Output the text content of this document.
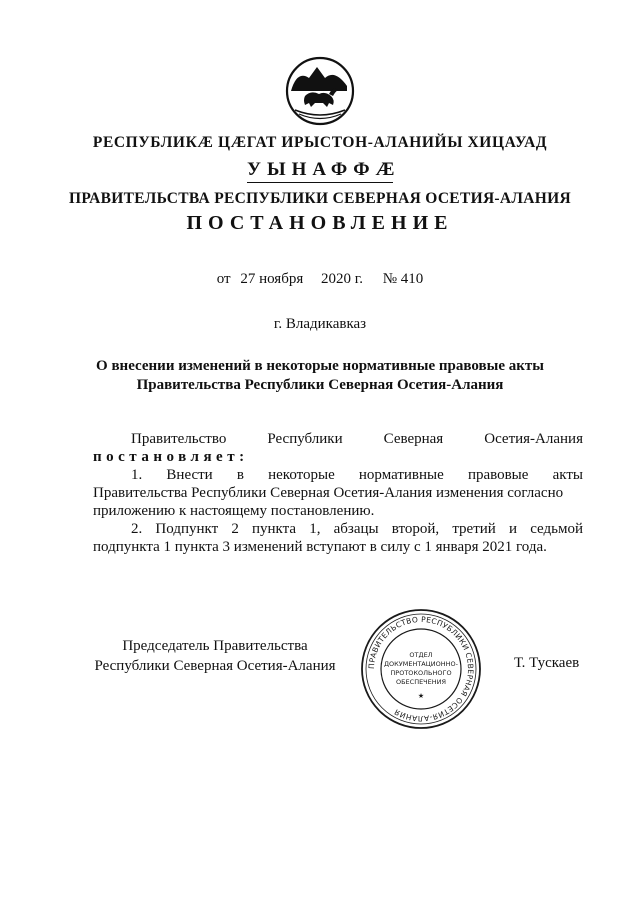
РЕСПУБЛИКӔ ЦӔГАТ ИРЫСТОН-АЛАНИЙЫ ХИЦАУАД
УЫНАФФӔ
ПРАВИТЕЛЬСТВА РЕСПУБЛИКИ СЕВЕРНАЯ ОСЕТИЯ-АЛАНИЯ
ПОСТАНОВЛЕНИЕ
от 27 ноября 2020 г. № 410
г. Владикавказ
О внесении изменений в некоторые нормативные правовые акты
Правительства Республики Северная Осетия-Алания
Правительство	Республики	Северная	Осетия-Алания
постановляет:
1. Внести в некоторые нормативные правовые акты
Правительства Республики Северная Осетия-Алания изменения согласно
приложению к настоящему постановлению.
2. Подпункт 2 пункта 1, абзацы второй, третий и седьмой
подпункта 1 пункта 3 изменений вступают в силу с 1 января 2021 года.
Председатель Правительства
Республики Северная Осетия-Алания	Т. Тускаев
ПРАВИТЕЛЬСТВО РЕСПУБЛИКИ СЕВЕРНАЯ ОСЕТИЯ-АЛАНИЯ
ОТДЕЛ
ДОКУМЕНТАЦИОННО-
ПРОТОКОЛЬНОГО
ОБЕСПЕЧЕНИЯ
★
